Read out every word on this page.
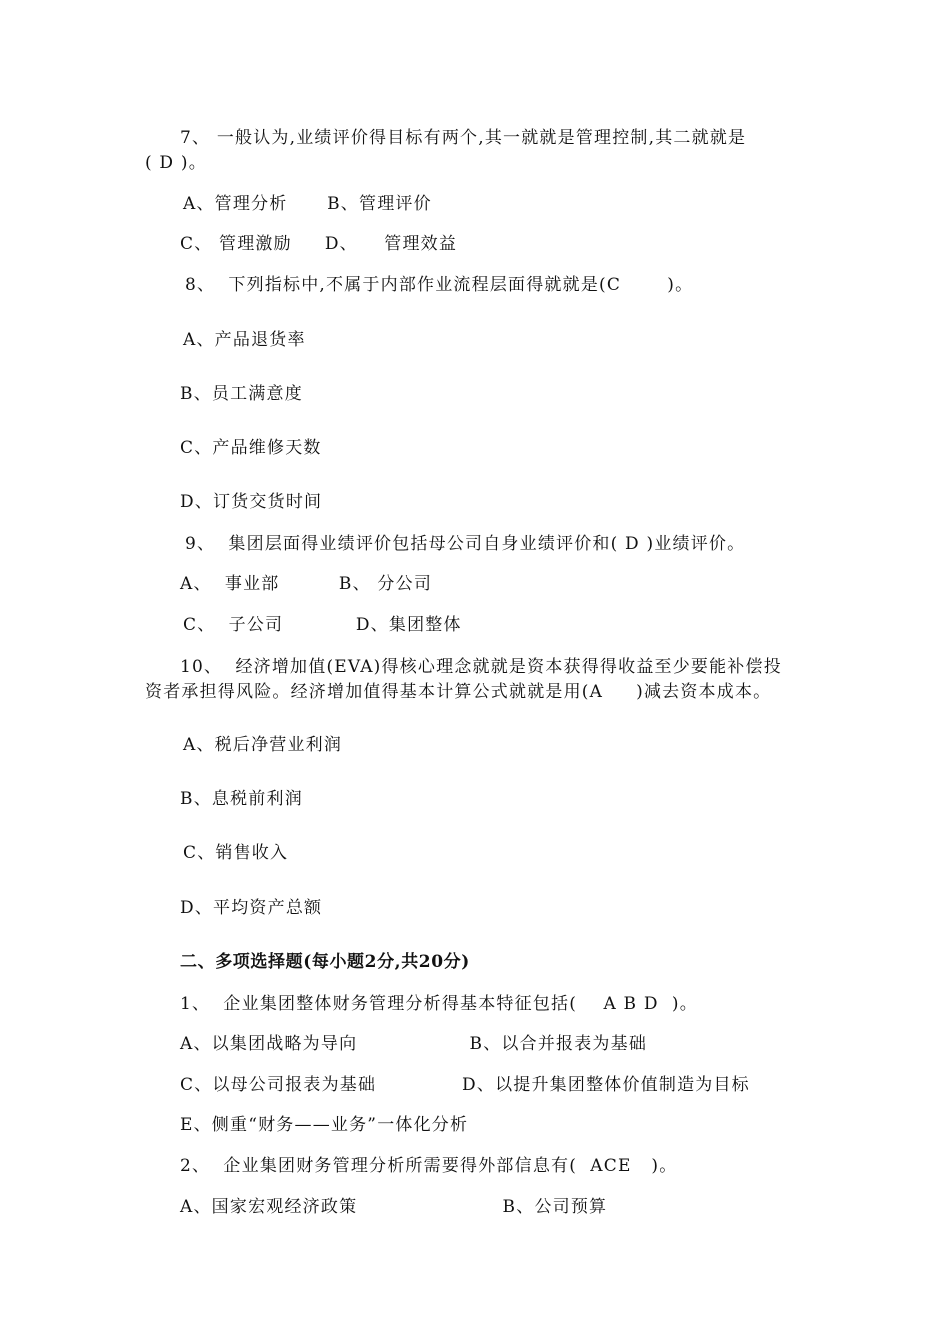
7、 一般认为,业绩评价得目标有两个,其一就就是管理控制,其二就就是
( D )。
A、管理分析      B、管理评价
C、 管理激励     D、    管理效益
8、  下列指标中,不属于内部作业流程层面得就就是(C       )。
A、产品退货率
B、员工满意度
C、产品维修天数
D、订货交货时间
9、  集团层面得业绩评价包括母公司自身业绩评价和( D )业绩评价。
A、  事业部         B、 分公司
C、  子公司           D、集团整体
10、  经济增加值(EVA)得核心理念就就是资本获得得收益至少要能补偿投
资者承担得风险。经济增加值得基本计算公式就就是用(A     )减去资本成本。
A、税后净营业利润
B、息税前利润
C、销售收入
D、平均资产总额
二、多项选择题(每小题2分,共20分)
1、  企业集团整体财务管理分析得基本特征包括(    A B D  )。
A、以集团战略为导向                 B、以合并报表为基础
C、以母公司报表为基础             D、以提升集团整体价值制造为目标
E、侧重“财务——业务”一体化分析
2、  企业集团财务管理分析所需要得外部信息有(  ACE   )。
A、国家宏观经济政策                      B、公司预算
